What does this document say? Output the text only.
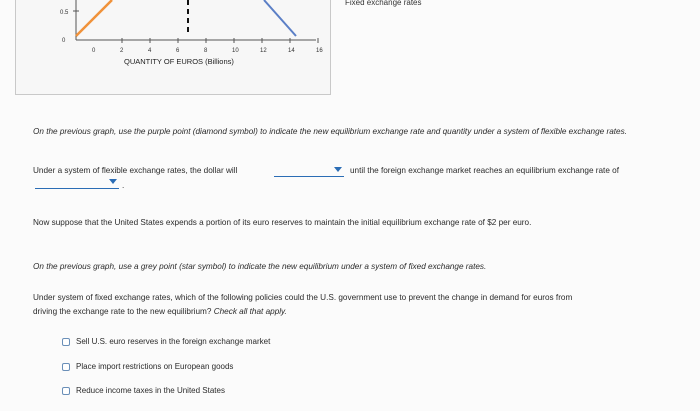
0	2	4	6	8	10	12	14	16
0.5
0
QUANTITY OF EUROS (Billions)
Fixed exchange rates
On the previous graph, use the purple point (diamond symbol) to indicate the new equilibrium exchange rate and quantity under a system of flexible exchange rates.
Under a system of flexible exchange rates, the dollar will	until the foreign exchange market reaches an equilibrium exchange rate of
.
Now suppose that the United States expends a portion of its euro reserves to maintain the initial equilibrium exchange rate of $2 per euro.
On the previous graph, use a grey point (star symbol) to indicate the new equilibrium under a system of fixed exchange rates.
Under system of fixed exchange rates, which of the following policies could the U.S. government use to prevent the change in demand for euros from
driving the exchange rate to the new equilibrium? Check all that apply.
Sell U.S. euro reserves in the foreign exchange market
Place import restrictions on European goods
Reduce income taxes in the United States
